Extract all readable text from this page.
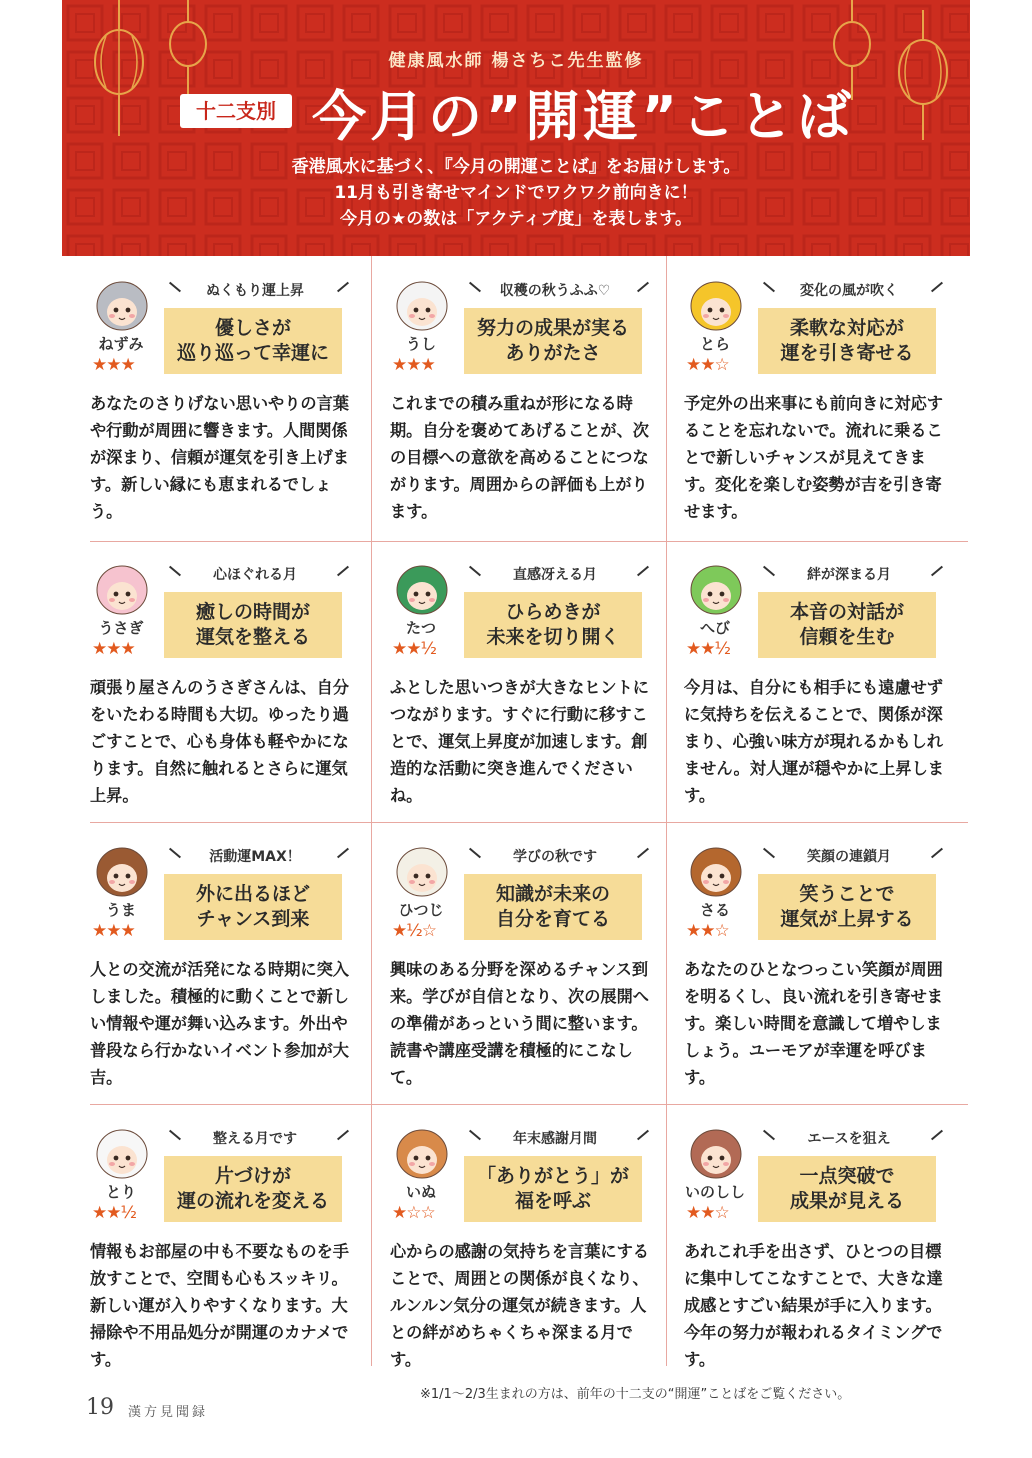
健康風水師 楊さちこ先生監修
十二支別 今月の”開運”ことば
香港風水に基づく、『今月の開運ことば』をお届けします。
11月も引き寄せマインドでワクワク前向きに！
今月の★の数は「アクティブ度」を表します。
ねずみ
★★★
ぬくもり運上昇
優しさが
巡り巡って幸運に
あなたのさりげない思いやりの言葉や行動が周囲に響きます。人間関係が深まり、信頼が運気を引き上げます。新しい縁にも恵まれるでしょう。
うし
★★★
収穫の秋うふふ♡
努力の成果が実る
ありがたさ
これまでの積み重ねが形になる時期。自分を褒めてあげることが、次の目標への意欲を高めることにつながります。周囲からの評価も上がります。
とら
★★☆
変化の風が吹く
柔軟な対応が
運を引き寄せる
予定外の出来事にも前向きに対応することを忘れないで。流れに乗ることで新しいチャンスが見えてきます。変化を楽しむ姿勢が吉を引き寄せます。
うさぎ
★★★
心ほぐれる月
癒しの時間が
運気を整える
頑張り屋さんのうさぎさんは、自分をいたわる時間も大切。ゆったり過ごすことで、心も身体も軽やかになります。自然に触れるとさらに運気上昇。
たつ
★★½
直感冴える月
ひらめきが
未来を切り開く
ふとした思いつきが大きなヒントにつながります。すぐに行動に移すことで、運気上昇度が加速します。創造的な活動に突き進んでくださいね。
へび
★★½
絆が深まる月
本音の対話が
信頼を生む
今月は、自分にも相手にも遠慮せずに気持ちを伝えることで、関係が深まり、心強い味方が現れるかもしれません。対人運が穏やかに上昇します。
うま
★★★
活動運MAX！
外に出るほど
チャンス到来
人との交流が活発になる時期に突入しました。積極的に動くことで新しい情報や運が舞い込みます。外出や普段なら行かないイベント参加が大吉。
ひつじ
★½☆
学びの秋です
知識が未来の
自分を育てる
興味のある分野を深めるチャンス到来。学びが自信となり、次の展開への準備があっという間に整います。読書や講座受講を積極的にこなして。
さる
★★☆
笑顔の連鎖月
笑うことで
運気が上昇する
あなたのひとなつっこい笑顔が周囲を明るくし、良い流れを引き寄せます。楽しい時間を意識して増やしましょう。ユーモアが幸運を呼びます。
とり
★★½
整える月です
片づけが
運の流れを変える
情報もお部屋の中も不要なものを手放すことで、空間も心もスッキリ。新しい運が入りやすくなります。大掃除や不用品処分が開運のカナメです。
いぬ
★☆☆
年末感謝月間
「ありがとう」が
福を呼ぶ
心からの感謝の気持ちを言葉にすることで、周囲との関係が良くなり、ルンルン気分の運気が続きます。人との絆がめちゃくちゃ深まる月です。
いのしし
★★☆
エースを狙え
一点突破で
成果が見える
あれこれ手を出さず、ひとつの目標に集中してこなすことで、大きな達成感とすごい結果が手に入ります。今年の努力が報われるタイミングです。
19 漢方見聞録
※1/1〜2/3生まれの方は、前年の十二支の“開運”ことばをご覧ください。
